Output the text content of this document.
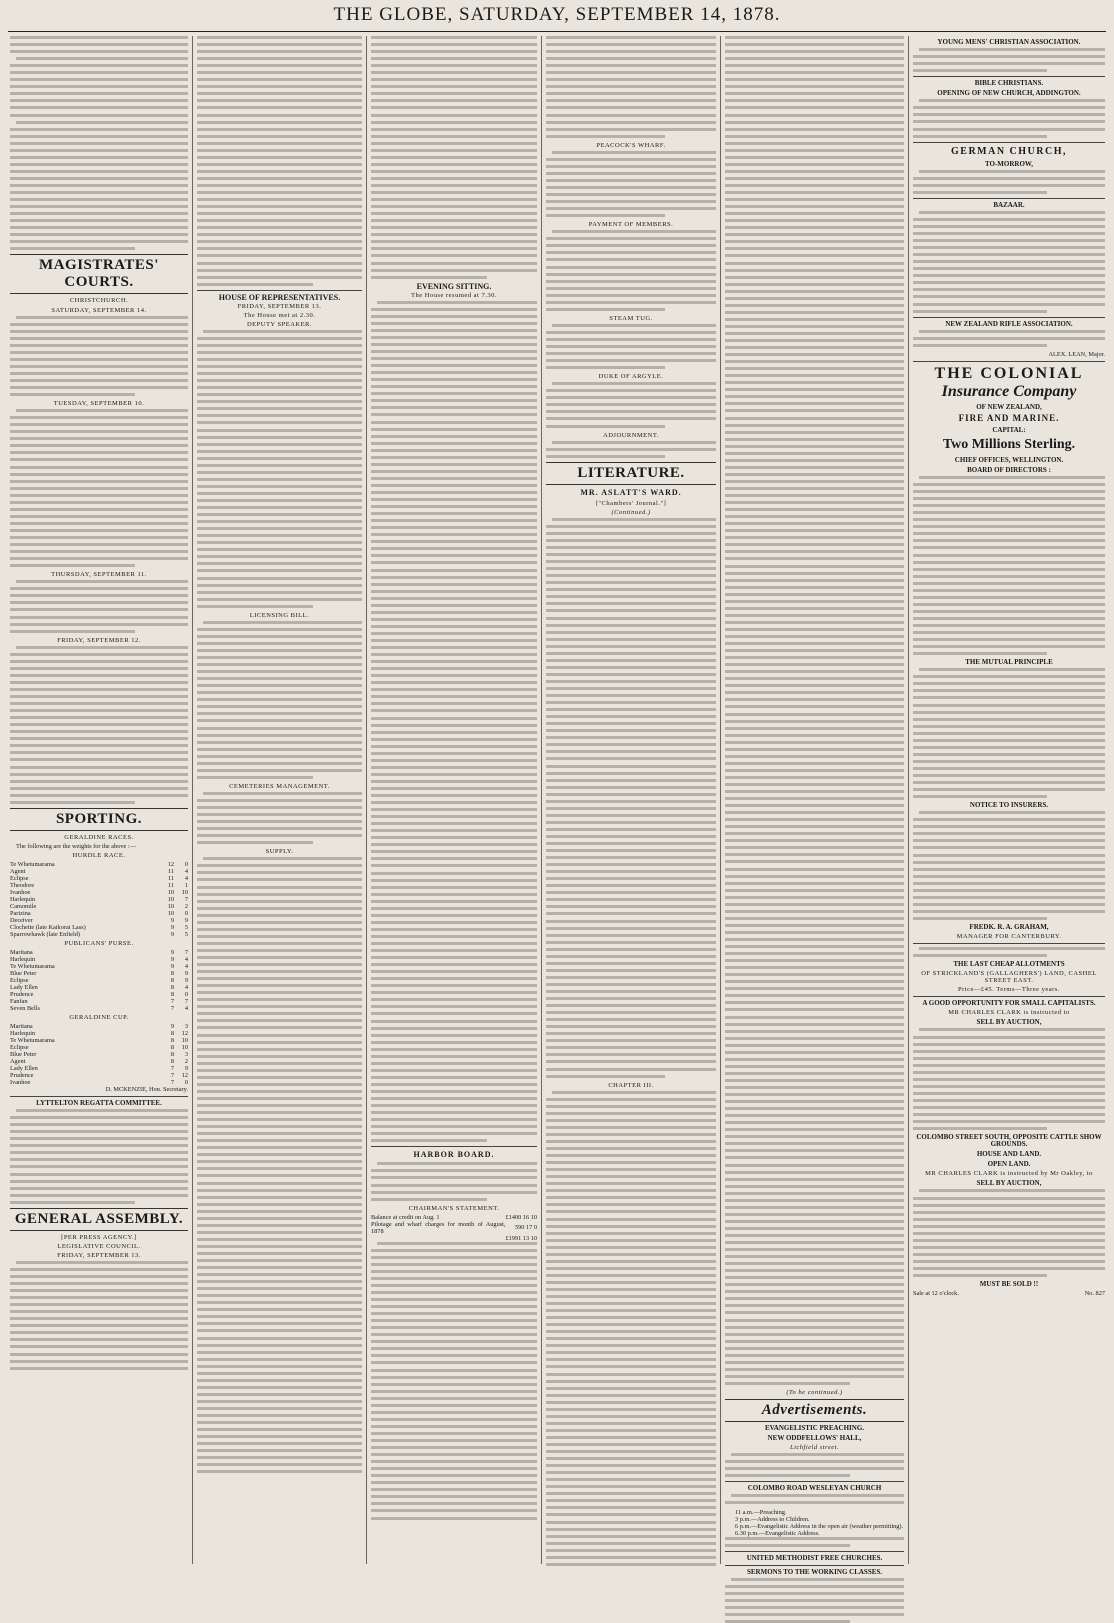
THE GLOBE, SATURDAY, SEPTEMBER 14, 1878.
MAGISTRATES' COURTS.
CHRISTCHURCH.
SATURDAY, SEPTEMBER 14.
TUESDAY, SEPTEMBER 10.
THURSDAY, SEPTEMBER 11.
FRIDAY, SEPTEMBER 12.
SPORTING.
GERALDINE RACES.
The following are the weights for the above :—
HURDLE RACE.
Te Whetumarama	12	0
Agent	11	4
Eclipse	11	4
Theodore	11	1
Ivanhoe	10	10
Harlequin	10	7
Camomile	10	2
Parizina	10	0
Deceiver	9	9
Clochette (late Kaikorai Lass)	9	5
Sparrowhawk (late Enfield)	9	5
PUBLICANS' PURSE.
Maritana	9	7
Harlequin	9	4
Te Whetumarama	9	4
Blue Peter	8	9
Eclipse	8	9
Lady Ellen	8	4
Prudence	8	0
Fanfan	7	7
Seven Bells	7	4
GERALDINE CUP.
Maritana	9	3
Harlequin	8	12
Te Whetumarama	8	10
Eclipse	8	10
Blue Peter	8	3
Agent	8	2
Lady Ellen	7	9
Prudence	7	12
Ivanhoe	7	0
D. MCKENZIE, Hon. Secretary.
LYTTELTON REGATTA COMMITTEE.
GENERAL ASSEMBLY.
[PER PRESS AGENCY.]
LEGISLATIVE COUNCIL.
FRIDAY, SEPTEMBER 13.
HOUSE OF REPRESENTATIVES.
FRIDAY, SEPTEMBER 13.
The House met at 2.30.
DEPUTY SPEAKER.
LICENSING BILL.
CEMETERIES MANAGEMENT.
SUPPLY.
EVENING SITTING.
The House resumed at 7.30.
HARBOR BOARD.
CHAIRMAN'S STATEMENT.
Balance at credit on Aug. 1	£1400 16 10
Pilotage and wharf charges for month of August, 1878	590 17 0
	£1991 13 10
PEACOCK'S WHARF.
PAYMENT OF MEMBERS.
STEAM TUG.
DUKE OF ARGYLE.
ADJOURNMENT.
LITERATURE.
MR. ASLATT'S WARD.
["Chambers' Journal."]
(Continued.)
CHAPTER III.
(To be continued.)
Advertisements.
EVANGELISTIC PREACHING.
NEW ODDFELLOWS' HALL,
Lichfield street.
COLOMBO ROAD WESLEYAN CHURCH
11 a.m.—Preaching.
3 p.m.—Address to Children.
6 p.m.—Evangelistic Address in the open air (weather permitting).
6.30 p.m.—Evangelistic Address.
UNITED METHODIST FREE CHURCHES.
SERMONS TO THE WORKING CLASSES.
YOUNG MENS' CHRISTIAN ASSOCIATION.
BIBLE CHRISTIANS.
OPENING OF NEW CHURCH, ADDINGTON.
GERMAN CHURCH,
TO-MORROW,
BAZAAR.
NEW ZEALAND RIFLE ASSOCIATION.
ALEX. LEAN, Major.
THE COLONIAL
Insurance Company
OF NEW ZEALAND,
FIRE AND MARINE.
CAPITAL:
Two Millions Sterling.
CHIEF OFFICES, WELLINGTON.
BOARD OF DIRECTORS :
THE MUTUAL PRINCIPLE
NOTICE TO INSURERS.
FREDK. R. A. GRAHAM,
MANAGER FOR CANTERBURY.
THE LAST CHEAP ALLOTMENTS
OF STRICKLAND'S (GALLAGHERS') LAND, CASHEL STREET EAST.
Price—£45. Terms—Three years.
A GOOD OPPORTUNITY FOR SMALL CAPITALISTS.
MR CHARLES CLARK is instructed to
SELL BY AUCTION,
COLOMBO STREET SOUTH, OPPOSITE CATTLE SHOW GROUNDS.
HOUSE AND LAND.
OPEN LAND.
MR CHARLES CLARK is instructed by Mr Oakley, to
SELL BY AUCTION,
MUST BE SOLD !!
Sale at 12 o'clock.	No. 827
